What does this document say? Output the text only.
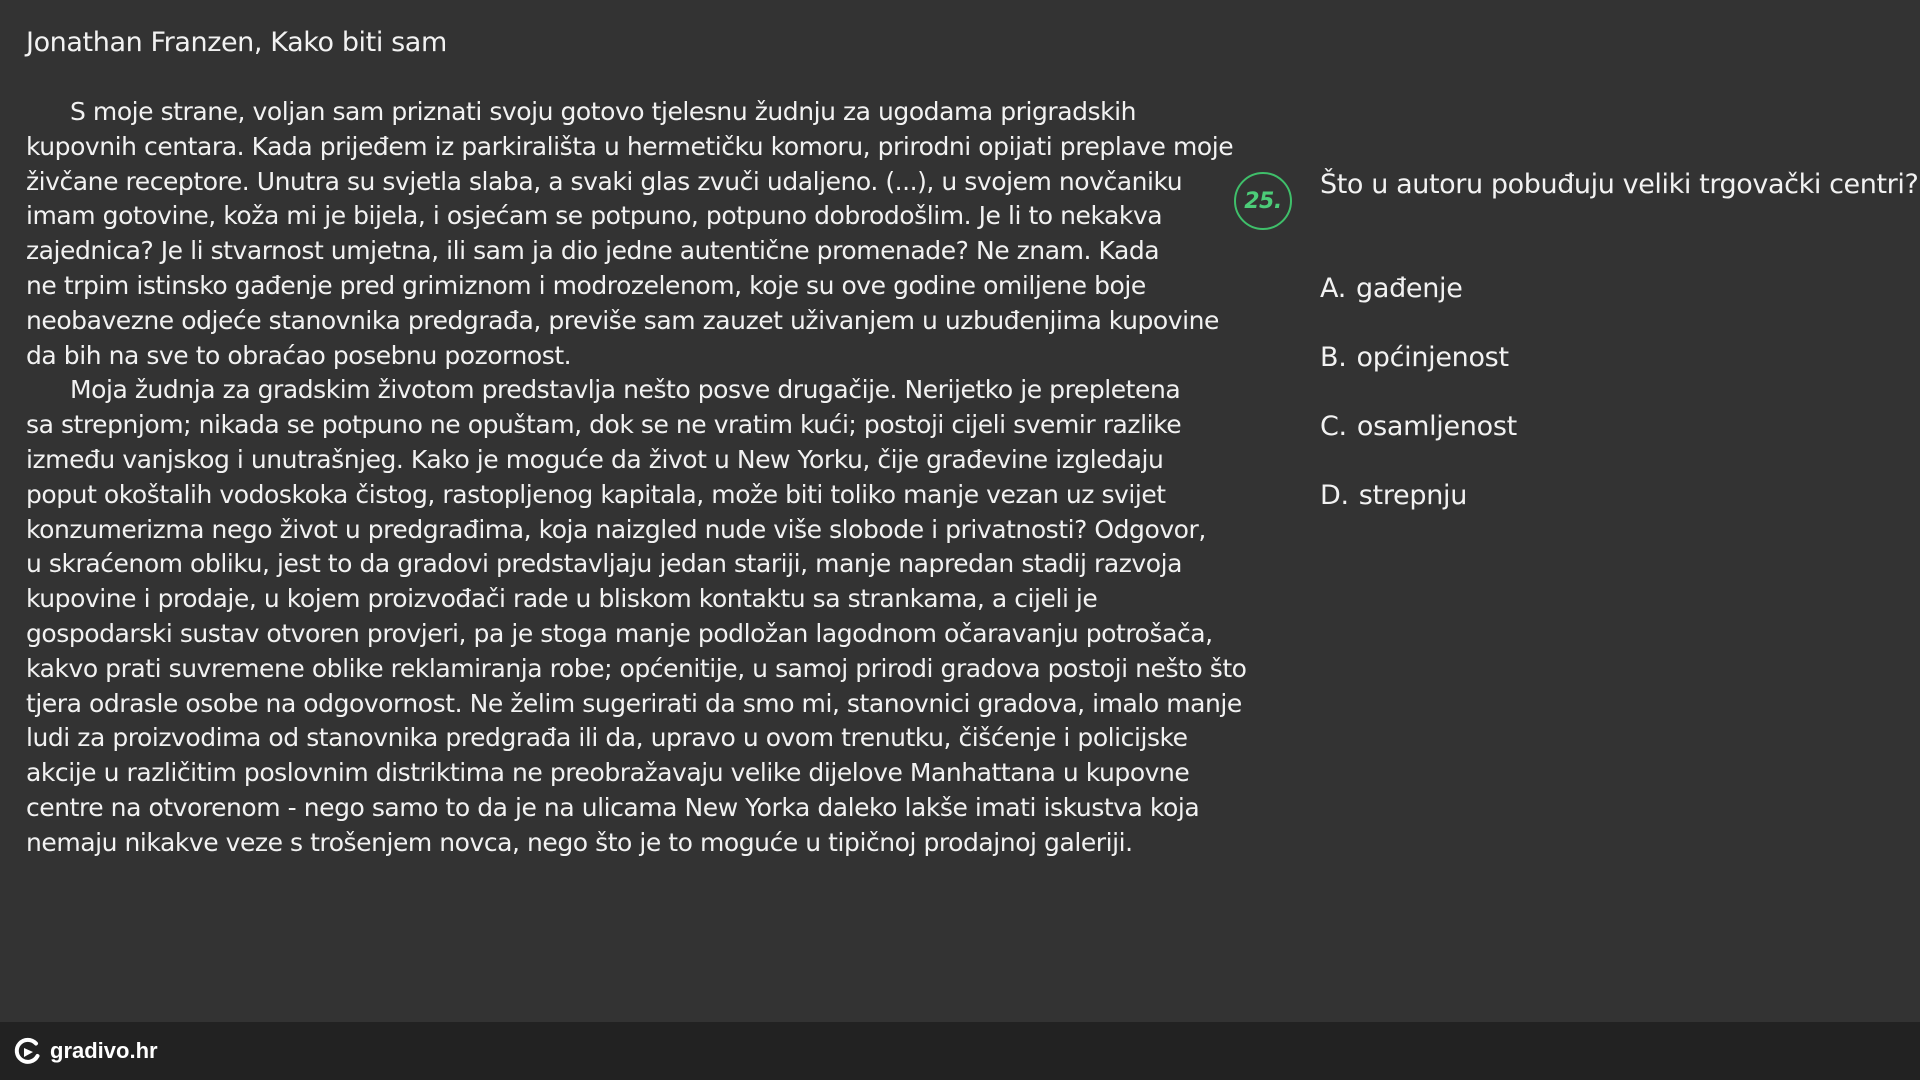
Jonathan Franzen, Kako biti sam
S moje strane, voljan sam priznati svoju gotovo tjelesnu žudnju za ugodama prigradskih
kupovnih centara. Kada prijeđem iz parkirališta u hermetičku komoru, prirodni opijati preplave moje
živčane receptore. Unutra su svjetla slaba, a svaki glas zvuči udaljeno. (...), u svojem novčaniku
imam gotovine, koža mi je bijela, i osjećam se potpuno, potpuno dobrodošlim. Je li to nekakva
zajednica? Je li stvarnost umjetna, ili sam ja dio jedne autentične promenade? Ne znam. Kada
ne trpim istinsko gađenje pred grimiznom i modrozelenom, koje su ove godine omiljene boje
neobavezne odjeće stanovnika predgrađa, previše sam zauzet uživanjem u uzbuđenjima kupovine
da bih na sve to obraćao posebnu pozornost.
Moja žudnja za gradskim životom predstavlja nešto posve drugačije. Nerijetko je prepletena
sa strepnjom; nikada se potpuno ne opuštam, dok se ne vratim kući; postoji cijeli svemir razlike
između vanjskog i unutrašnjeg. Kako je moguće da život u New Yorku, čije građevine izgledaju
poput okoštalih vodoskoka čistog, rastopljenog kapitala, može biti toliko manje vezan uz svijet
konzumerizma nego život u predgrađima, koja naizgled nude više slobode i privatnosti? Odgovor,
u skraćenom obliku, jest to da gradovi predstavljaju jedan stariji, manje napredan stadij razvoja
kupovine i prodaje, u kojem proizvođači rade u bliskom kontaktu sa strankama, a cijeli je
gospodarski sustav otvoren provjeri, pa je stoga manje podložan lagodnom očaravanju potrošača,
kakvo prati suvremene oblike reklamiranja robe; općenitije, u samoj prirodi gradova postoji nešto što
tjera odrasle osobe na odgovornost. Ne želim sugerirati da smo mi, stanovnici gradova, imalo manje
ludi za proizvodima od stanovnika predgrađa ili da, upravo u ovom trenutku, čišćenje i policijske
akcije u različitim poslovnim distriktima ne preobražavaju velike dijelove Manhattana u kupovne
centre na otvorenom - nego samo to da je na ulicama New Yorka daleko lakše imati iskustva koja
nemaju nikakve veze s trošenjem novca, nego što je to moguće u tipičnoj prodajnoj galeriji.
25.
Što u autoru pobuđuju veliki trgovački centri?
A. gađenje
B. općinjenost
C. osamljenost
D. strepnju
gradivo.hr
